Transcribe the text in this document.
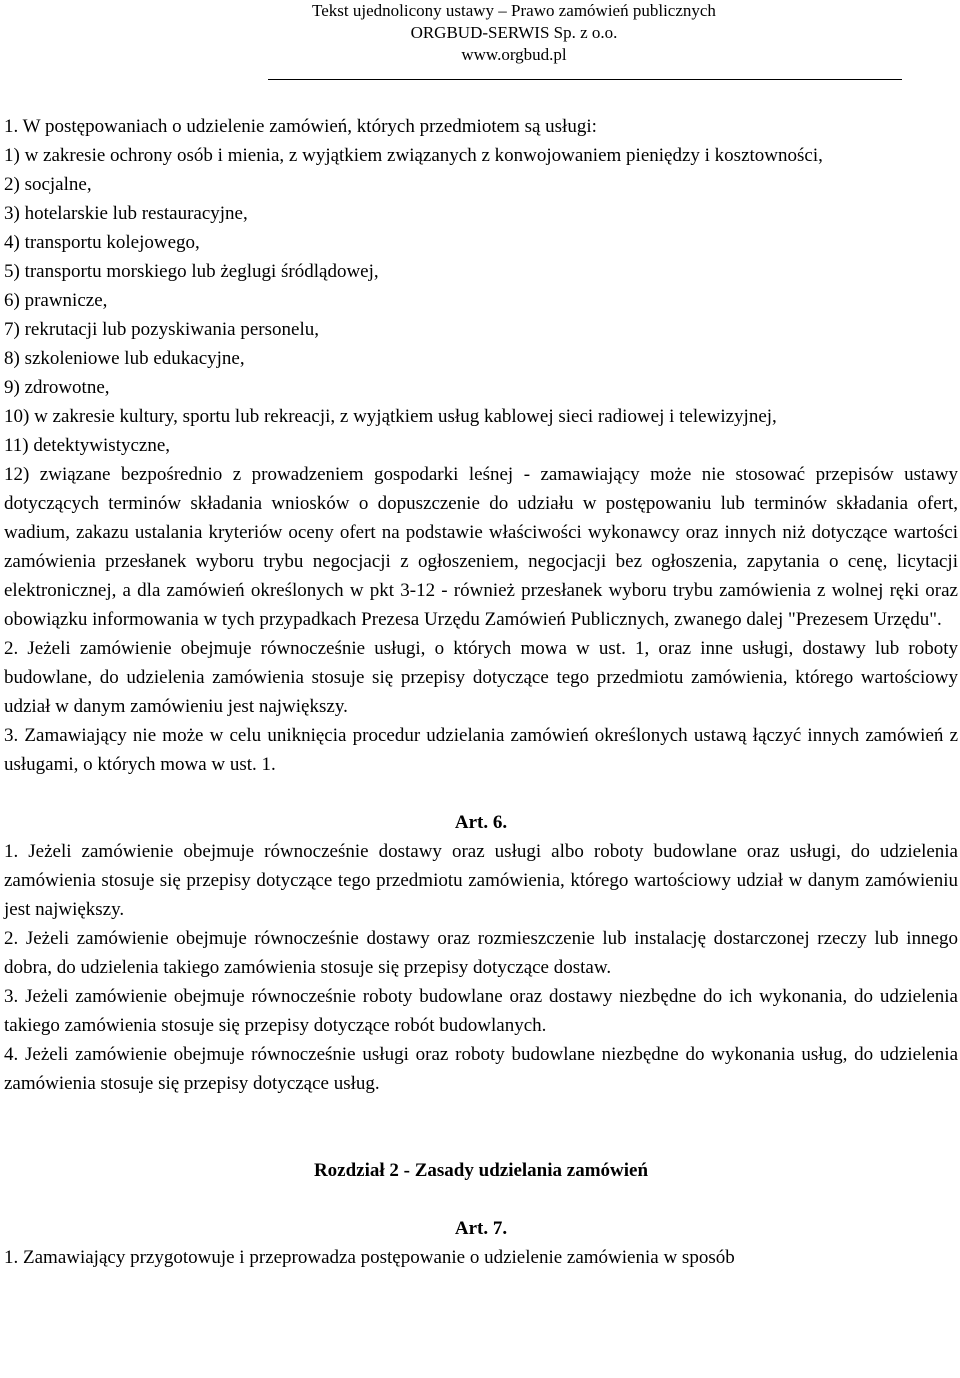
Tekst ujednolicony ustawy – Prawo zamówień publicznych
ORGBUD-SERWIS Sp. z o.o.
www.orgbud.pl

1. W postępowaniach o udzielenie zamówień, których przedmiotem są usługi:

1) w zakresie ochrony osób i mienia, z wyjątkiem związanych z konwojowaniem pieniędzy i kosztowności,

2) socjalne,

3) hotelarskie lub restauracyjne,

4) transportu kolejowego,

5) transportu morskiego lub żeglugi śródlądowej,

6) prawnicze,

7) rekrutacji lub pozyskiwania personelu,

8) szkoleniowe lub edukacyjne,

9) zdrowotne,

10) w zakresie kultury, sportu lub rekreacji, z wyjątkiem usług kablowej sieci radiowej i telewizyjnej,

11) detektywistyczne,

12) związane bezpośrednio z prowadzeniem gospodarki leśnej - zamawiający może nie stosować przepisów ustawy dotyczących terminów składania wniosków o dopuszczenie do udziału w postępowaniu lub terminów składania ofert, wadium, zakazu ustalania kryteriów oceny ofert na podstawie właściwości wykonawcy oraz innych niż dotyczące wartości zamówienia przesłanek wyboru trybu negocjacji z ogłoszeniem, negocjacji bez ogłoszenia, zapytania o cenę, licytacji elektronicznej, a dla zamówień określonych w pkt 3-12 - również przesłanek wyboru trybu zamówienia z wolnej ręki oraz obowiązku informowania w tych przypadkach Prezesa Urzędu Zamówień Publicznych, zwanego dalej "Prezesem Urzędu".

2. Jeżeli zamówienie obejmuje równocześnie usługi, o których mowa w ust. 1, oraz inne usługi, dostawy lub roboty budowlane, do udzielenia zamówienia stosuje się przepisy dotyczące tego przedmiotu zamówienia, którego wartościowy udział w danym zamówieniu jest największy.

3. Zamawiający nie może w celu uniknięcia procedur udzielania zamówień określonych ustawą łączyć innych zamówień z usługami, o których mowa w ust. 1.

Art. 6.

1. Jeżeli zamówienie obejmuje równocześnie dostawy oraz usługi albo roboty budowlane oraz usługi, do udzielenia zamówienia stosuje się przepisy dotyczące tego przedmiotu zamówienia, którego wartościowy udział w danym zamówieniu jest największy.

2. Jeżeli zamówienie obejmuje równocześnie dostawy oraz rozmieszczenie lub instalację dostarczonej rzeczy lub innego dobra, do udzielenia takiego zamówienia stosuje się przepisy dotyczące dostaw.

3. Jeżeli zamówienie obejmuje równocześnie roboty budowlane oraz dostawy niezbędne do ich wykonania, do udzielenia takiego zamówienia stosuje się przepisy dotyczące robót budowlanych.

4. Jeżeli zamówienie obejmuje równocześnie usługi oraz roboty budowlane niezbędne do wykonania usług, do udzielenia zamówienia stosuje się przepisy dotyczące usług.

Rozdział 2 - Zasady udzielania zamówień

Art. 7.

1. Zamawiający przygotowuje i przeprowadza postępowanie o udzielenie zamówienia w sposób
